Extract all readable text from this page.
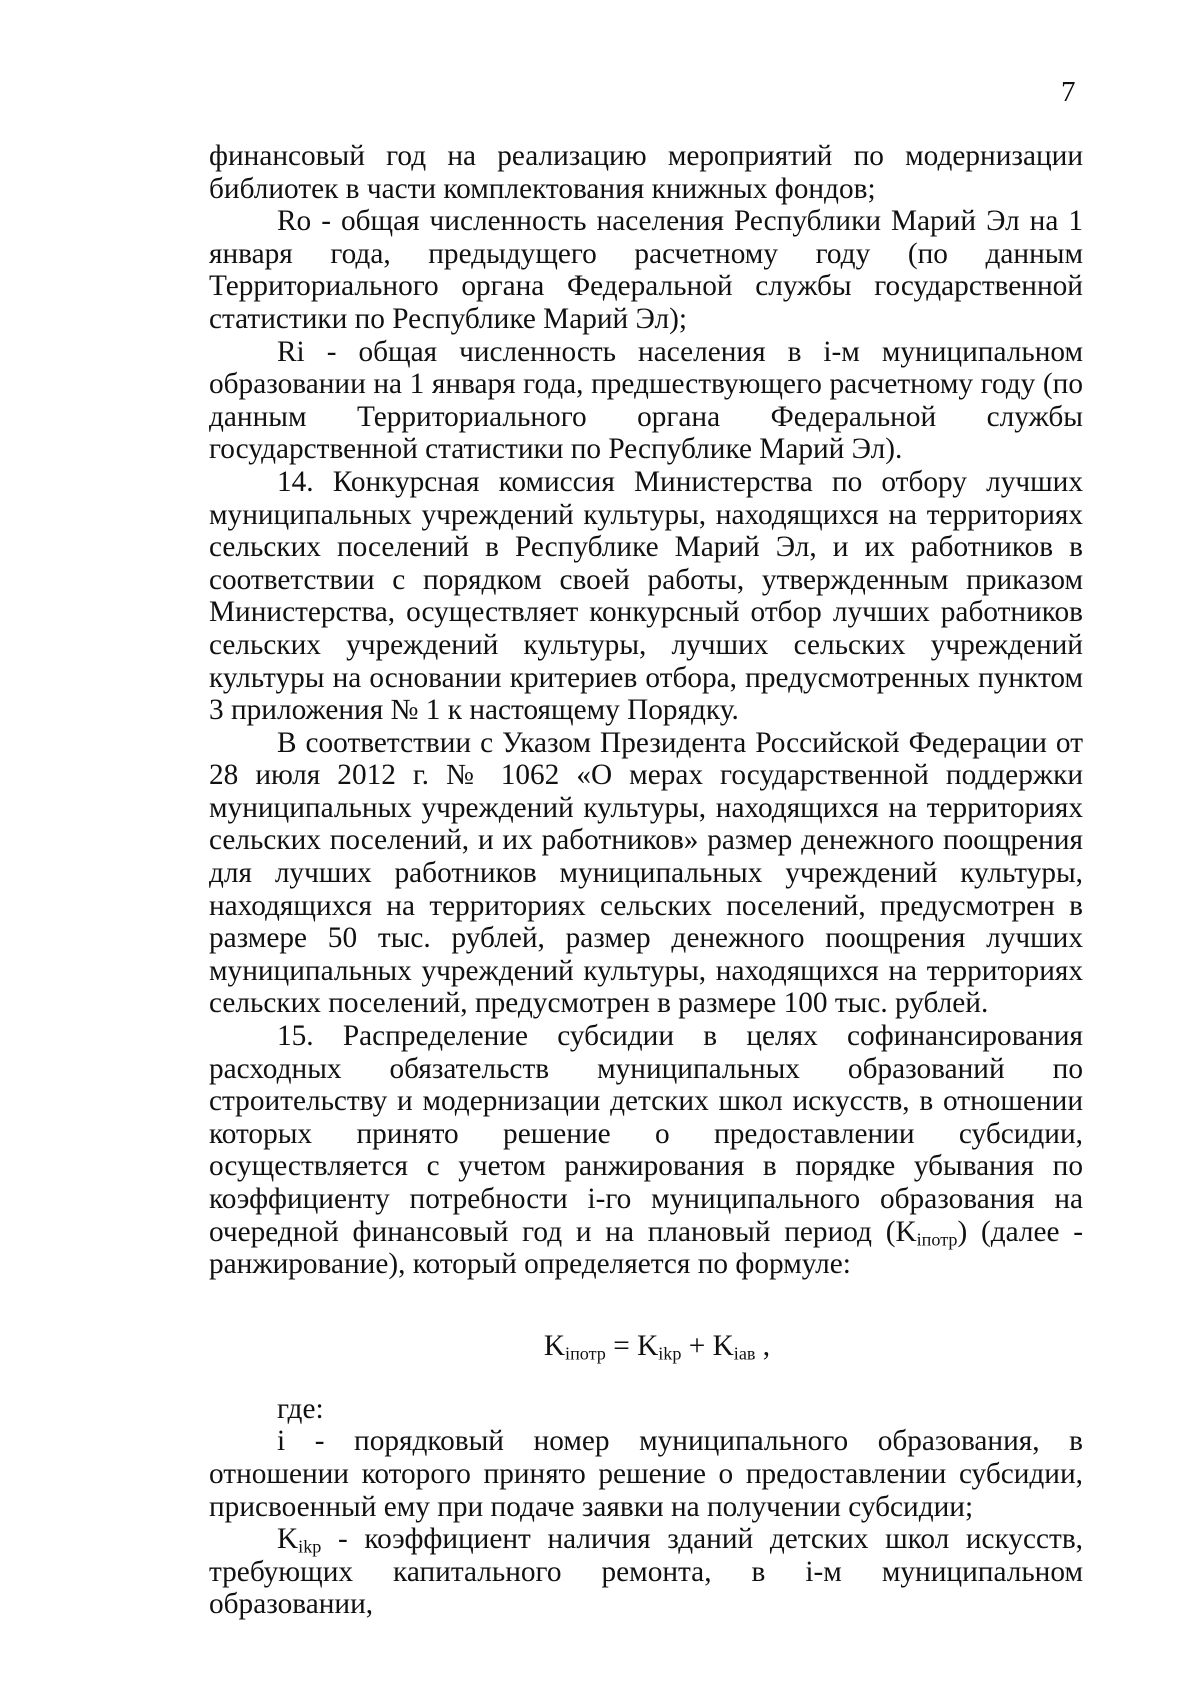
7

финансовый год на реализацию мероприятий по модернизации библиотек в части комплектования книжных фондов;

Ro - общая численность населения Республики Марий Эл на 1 января года, предыдущего расчетному году (по данным Территориального органа Федеральной службы государственной статистики по Республике Марий Эл);

Ri - общая численность населения в i-м муниципальном образовании на 1 января года, предшествующего расчетному году (по данным Территориального органа Федеральной службы государственной статистики по Республике Марий Эл).

14. Конкурсная комиссия Министерства по отбору лучших муниципальных учреждений культуры, находящихся на территориях сельских поселений в Республике Марий Эл, и их работников в соответствии с порядком своей работы, утвержденным приказом Министерства, осуществляет конкурсный отбор лучших работников сельских учреждений культуры, лучших сельских учреждений культуры на основании критериев отбора, предусмотренных пунктом 3 приложения № 1 к настоящему Порядку.

В соответствии с Указом Президента Российской Федерации от 28 июля 2012 г. № 1062 «О мерах государственной поддержки муниципальных учреждений культуры, находящихся на территориях сельских поселений, и их работников» размер денежного поощрения для лучших работников муниципальных учреждений культуры, находящихся на территориях сельских поселений, предусмотрен в размере 50 тыс. рублей, размер денежного поощрения лучших муниципальных учреждений культуры, находящихся на территориях сельских поселений, предусмотрен в размере 100 тыс. рублей.

15. Распределение субсидии в целях софинансирования расходных обязательств муниципальных образований по строительству и модернизации детских школ искусств, в отношении которых принято решение о предоставлении субсидии, осуществляется с учетом ранжирования в порядке убывания по коэффициенту потребности i-го муниципального образования на очередной финансовый год и на плановый период $(K_{iпотр})$ (далее - ранжирование), который определяется по формуле:

$K_{iпотр} = K_{ikp} + K_{iaв}$ ,

где:

i - порядковый номер муниципального образования, в отношении которого принято решение о предоставлении субсидии, присвоенный ему при подаче заявки на получении субсидии;

$K_{ikp}$ - коэффициент наличия зданий детских школ искусств, требующих капитального ремонта, в i-м муниципальном образовании,
